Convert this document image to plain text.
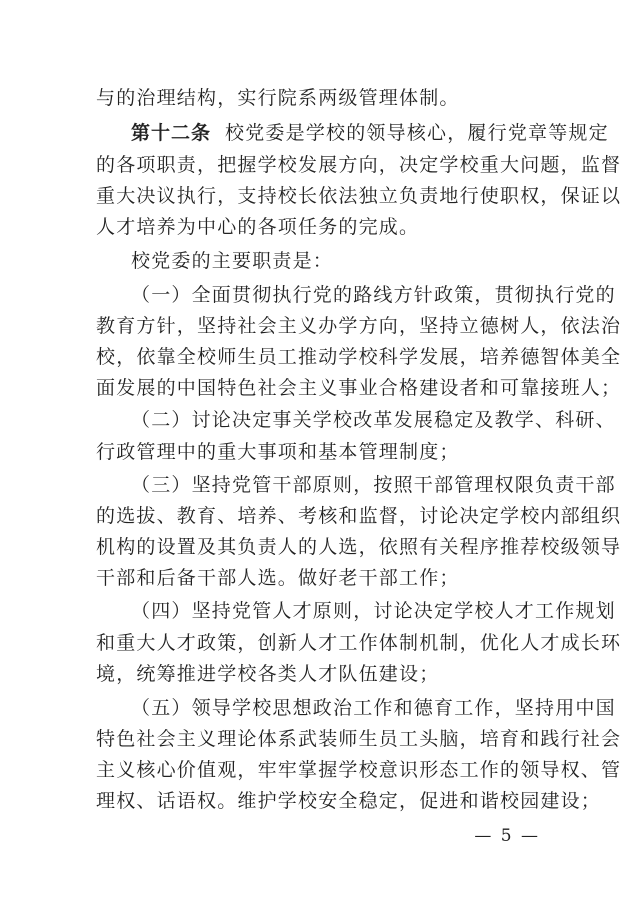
与的治理结构，实行院系两级管理体制。
第十二条 校党委是学校的领导核心，履行党章等规定
的各项职责，把握学校发展方向，决定学校重大问题，监督
重大决议执行，支持校长依法独立负责地行使职权，保证以
人才培养为中心的各项任务的完成。
校党委的主要职责是：
（一）全面贯彻执行党的路线方针政策，贯彻执行党的
教育方针，坚持社会主义办学方向，坚持立德树人，依法治
校，依靠全校师生员工推动学校科学发展，培养德智体美全
面发展的中国特色社会主义事业合格建设者和可靠接班人；
（二）讨论决定事关学校改革发展稳定及教学、科研、
行政管理中的重大事项和基本管理制度；
（三）坚持党管干部原则，按照干部管理权限负责干部
的选拔、教育、培养、考核和监督，讨论决定学校内部组织
机构的设置及其负责人的人选，依照有关程序推荐校级领导
干部和后备干部人选。做好老干部工作；
（四）坚持党管人才原则，讨论决定学校人才工作规划
和重大人才政策，创新人才工作体制机制，优化人才成长环
境，统筹推进学校各类人才队伍建设；
（五）领导学校思想政治工作和德育工作，坚持用中国
特色社会主义理论体系武装师生员工头脑，培育和践行社会
主义核心价值观，牢牢掌握学校意识形态工作的领导权、管
理权、话语权。维护学校安全稳定，促进和谐校园建设；
— 5 —
